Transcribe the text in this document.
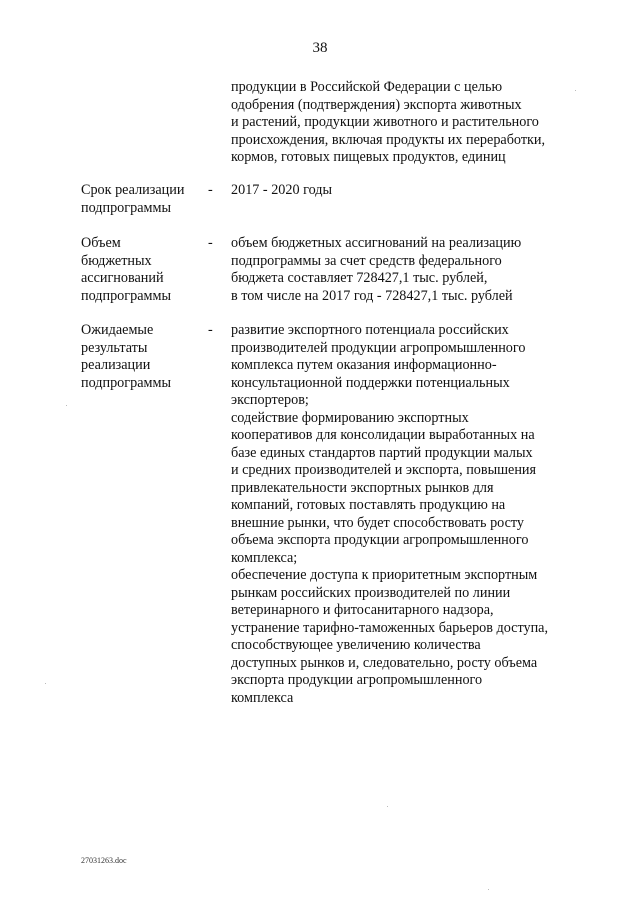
38
продукции в Российской Федерации с целью
одобрения (подтверждения) экспорта животных
и растений, продукции животного и растительного
происхождения, включая продукты их переработки,
кормов, готовых пищевых продуктов, единиц
Срок реализации
подпрограммы
- 2017 - 2020 годы
Объем
бюджетных
ассигнований
подпрограммы
- объем бюджетных ассигнований на реализацию
подпрограммы за счет средств федерального
бюджета составляет 728427,1 тыс. рублей,
в том числе на 2017 год - 728427,1 тыс. рублей
Ожидаемые
результаты
реализации
подпрограммы
- развитие экспортного потенциала российских
производителей продукции агропромышленного
комплекса путем оказания информационно-
консультационной поддержки потенциальных
экспортеров;
содействие формированию экспортных
кооперативов для консолидации выработанных на
базе единых стандартов партий продукции малых
и средних производителей и экспорта, повышения
привлекательности экспортных рынков для
компаний, готовых поставлять продукцию на
внешние рынки, что будет способствовать росту
объема экспорта продукции агропромышленного
комплекса;
обеспечение доступа к приоритетным экспортным
рынкам российских производителей по линии
ветеринарного и фитосанитарного надзора,
устранение тарифно-таможенных барьеров доступа,
способствующее увеличению количества
доступных рынков и, следовательно, росту объема
экспорта продукции агропромышленного
комплекса
27031263.doc
